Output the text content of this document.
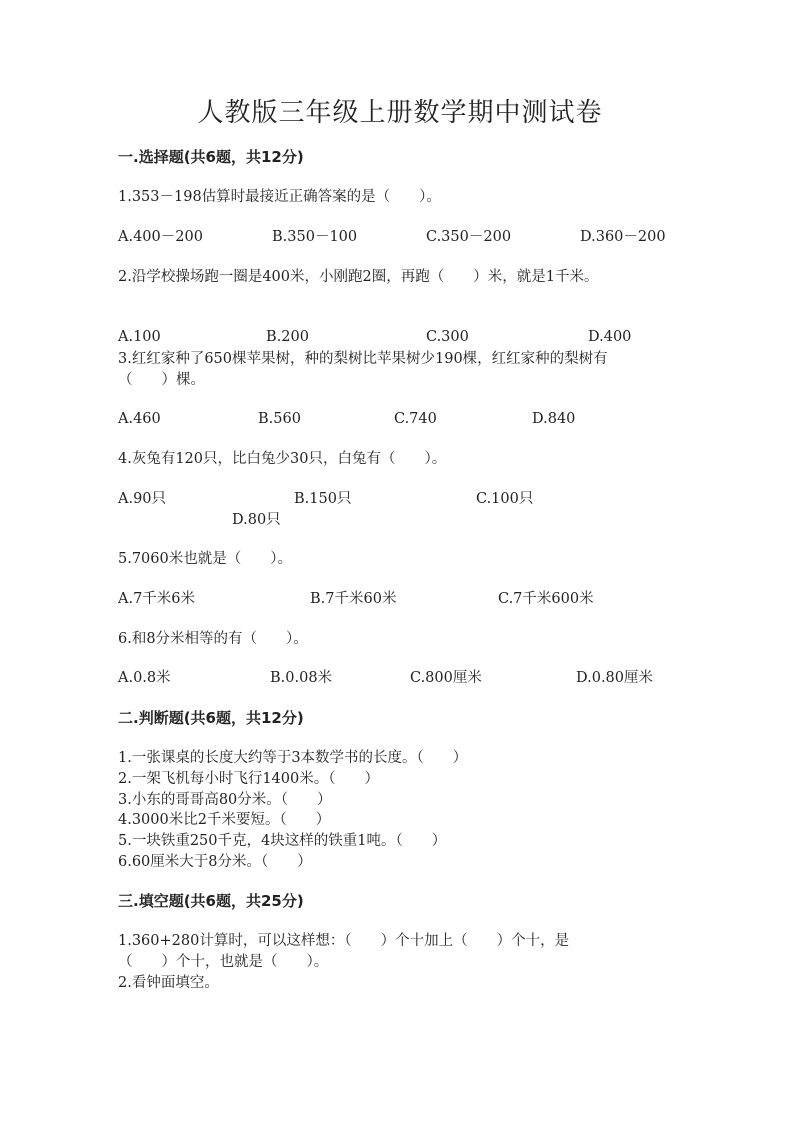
人教版三年级上册数学期中测试卷
一.选择题(共6题，共12分)
1.353－198估算时最接近正确答案的是（　　）。
A.400－200	B.350－100	C.350－200	D.360－200
2.沿学校操场跑一圈是400米，小刚跑2圈，再跑（　　）米，就是1千米。
A.100	B.200	C.300	D.400
3.红红家种了650棵苹果树，种的梨树比苹果树少190棵，红红家种的梨树有
（　　）棵。
A.460	B.560	C.740	D.840
4.灰兔有120只，比白兔少30只，白兔有（　　）。
A.90只	B.150只	C.100只
D.80只
5.7060米也就是（　　）。
A.7千米6米	B.7千米60米	C.7千米600米
6.和8分米相等的有（　　）。
A.0.8米	B.0.08米	C.800厘米	D.0.80厘米
二.判断题(共6题，共12分)
1.一张课桌的长度大约等于3本数学书的长度。（　　）
2.一架飞机每小时飞行1400米。（　　）
3.小东的哥哥高80分米。（　　）
4.3000米比2千米要短。（　　）
5.一块铁重250千克，4块这样的铁重1吨。（　　）
6.60厘米大于8分米。（　　）
三.填空题(共6题，共25分)
1.360+280计算时，可以这样想：（　　）个十加上（　　）个十，是
（　　）个十，也就是（　　）。
2.看钟面填空。
